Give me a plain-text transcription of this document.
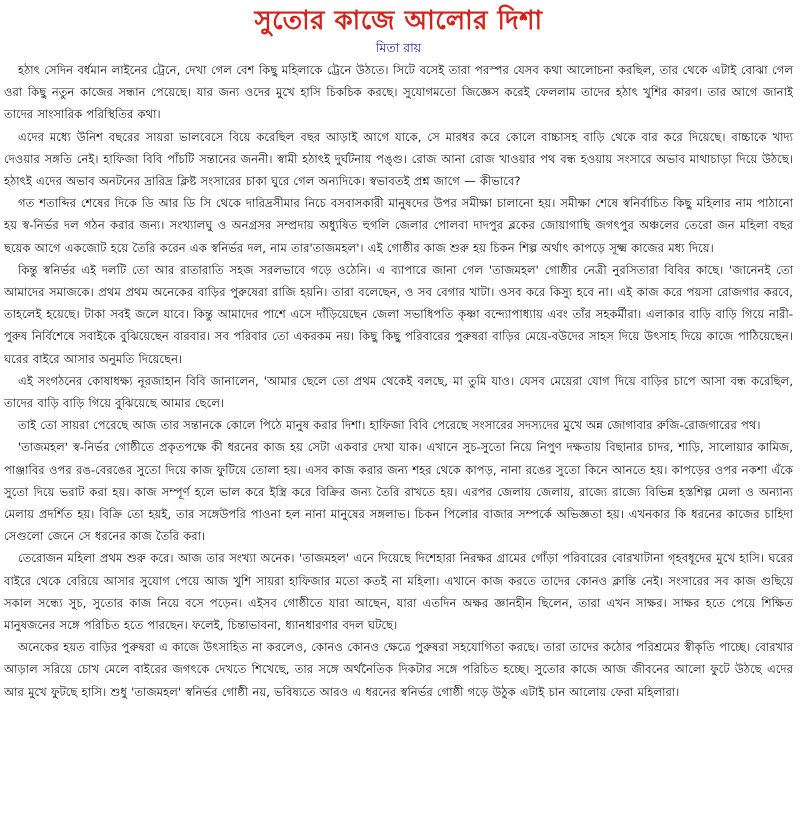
সুতোর কাজে আলোর দিশা
মিতা রায়

হঠাৎ সেদিন বর্ধমান লাইনের ট্রেনে, দেখা গেল বেশ কিছু মহিলাকে ট্রেনে উঠতে। সিটে বসেই তারা পরস্পর যেসব কথা আলোচনা করছিল, তার থেকে এটাই বোঝা গেল ওরা কিছু নতুন কাজের সন্ধান পেয়েছে। যার জন্য ওদের মুখে হাসি চিকচিক করছে। সুযোগমতো জিজ্ঞেস করেই ফেললাম তাদের হঠাৎ খুশির কারণ। তার আগে জানাই তাদের সাংসারিক পরিস্থিতির কথা।

এদের মধ্যে উনিশ বছরের সায়রা ভালবেসে বিয়ে করেছিল বছর আড়াই আগে যাকে, সে মারধর করে কোলে বাচ্চাসহ বাড়ি থেকে বার করে দিয়েছে। বাচ্চাকে খাদ্য দেওয়ার সঙ্গতি নেই। হাফিজা বিবি পাঁচটি সন্তানের জননী। স্বামী হঠাৎই দুর্ঘটনায় পঙ্গু। রোজ আনা রোজ খাওয়ার পথ বন্ধ হওয়ায় সংসারে অভাব মাথাচাড়া দিয়ে উঠছে। হঠাৎই এদের অভাব অনটনের দ্রারিদ্র ক্লিষ্ট সংসারের চাকা ঘুরে গেল অন্যদিকে। স্বভাবতই প্রশ্ন জাগে — কীভাবে?

গত শতাব্দির শেষের দিকে ডি আর ডি সি থেকে দারিদ্রসীমার নিচে বসবাসকারী মানুষদের উপর সমীক্ষা চালানো হয়। সমীক্ষা শেষে স্বনির্বাচিত কিছু মহিলার নাম পাঠানো হয় স্ব-নির্ভর দল গঠন করার জন্য। সংখ্যালঘু ও অনগ্রসর সম্প্রদায় অধ্যুষিত হুগলি জেলার পোলবা দাদপুর ব্লকের জোয়াগাছি জগৎপুর অঞ্চলের তেরো জন মহিলা বছর ছয়েক আগে একজোট হয়ে তৈরি করেন এক স্বনির্ভর দল, নাম তার'তাজমহল'। এই গোষ্ঠীর কাজ শুরু হয় চিকন শিল্প অর্থাৎ কাপড়ে সূক্ষ্ম কাজের মধ্য দিয়ে।

কিন্তু স্বনির্ভর এই দলটি তো আর রাতারাতি সহজ সরলভাবে গড়ে ওঠেনি। এ ব্যাপারে জানা গেল 'তাজমহল' গোষ্ঠীর নেত্রী নুরসিতারা বিবির কাছে। 'জানেনই তো আমাদের সমাজকে। প্রথম প্রথম অনেকের বাড়ির পুরুষেরা রাজি হয়নি। তারা বলেছেন, ও সব বেগার খাটা। ওসব করে কিস্যু হবে না। এই কাজ করে পয়সা রোজগার করবে, তাহলেই হয়েছে। টাকা সবই জলে যাবে। কিন্তু আমাদের পাশে এসে দাঁড়িয়েছেন জেলা সভাধিপতি কৃষ্ণা বন্দ্যোপাধ্যায় এবং তাঁর সহকর্মীরা। এলাকার বাড়ি বাড়ি গিয়ে নারী-পুরুষ নির্বিশেষে সবাইকে বুঝিয়েছেন বারবার। সব পরিবার তো একরকম নয়। কিছু কিছু পরিবারের পুরুষরা বাড়ির মেয়ে-বউদের সাহস দিয়ে উৎসাহ দিয়ে কাজে পাঠিয়েছেন। ঘরের বাইরে আসার অনুমতি দিয়েছেন।

এই সংগঠনের কোষাধক্ষ্য নূরজাহান বিবি জানালেন, 'আমার ছেলে তো প্রথম থেকেই বলছে, মা তুমি যাও। যেসব মেয়েরা যোগ দিয়ে বাড়ির চাপে আসা বন্ধ করেছিল, তাদের বাড়ি বাড়ি গিয়ে বুঝিয়েছে আমার ছেলে।

তাই তো সায়রা পেরেছে আজ তার সন্তানকে কোলে পিঠে মানুষ করার দিশা। হাফিজা বিবি পেরেছে সংসারের সদস্যদের মুখে অন্ন জোগাবার রুজি-রোজগারের পথ।

'তাজমহল' স্ব-নির্ভর গোষ্ঠীতে প্রকৃতপক্ষে কী ধরনের কাজ হয় সেটা একবার দেখা যাক। এখানে সুচ-সুতো নিয়ে নিপুণ দক্ষতায় বিছানার চাদর, শাড়ি, সালোয়ার কামিজ, পাঞ্জাবির ওপর রঙ-বেরঙের সুতো দিয়ে কাজ ফুটিয়ে তোলা হয়। এসব কাজ করার জন্য শহর থেকে কাপড়, নানা রঙের সুতো কিনে আনতে হয়। কাপড়ের ওপর নকশা এঁকে সুতো দিয়ে ভরাট করা হয়। কাজ সম্পূর্ণ হলে ভাল করে ইস্ত্রি করে বিক্রির জন্য তৈরি রাখতে হয়। এরপর জেলায় জেলায়, রাজ্যে রাজ্যে বিভিন্ন হস্তশিল্প মেলা ও অন্যান্য মেলায় প্রদর্শিত হয়। বিক্রি তো হয়ই, তার সঙ্গেউপরি পাওনা হল নানা মানুষের সঙ্গলাভ। চিকন পিলোর বাজার সম্পর্কে অভিজ্ঞতা হয়। এখনকার কি ধরনের কাজের চাহিদা সেগুলো জেনে সে ধরনের কাজ তৈরি করা।

তেরোজন মহিলা প্রথম শুরু করে। আজ তার সংখ্যা অনেক। 'তাজমহল' এনে দিয়েছে দিশেহারা নিরক্ষর গ্রামের গোঁড়া পরিবারের বোরখাটানা গৃহবধূদের মুখে হাসি। ঘরের বাইরে থেকে বেরিয়ে আসার সুযোগ পেয়ে আজ খুশি সায়রা হাফিজার মতো কতই না মহিলা। এখানে কাজ করতে তাদের কোনও ক্লান্তি নেই। সংসারের সব কাজ গুছিয়ে সকাল সন্ধ্যে সুচ, সুতোর কাজ নিয়ে বসে পড়েন। এইসব গোষ্ঠীতে যারা আছেন, যারা এতদিন অক্ষর জ্ঞানহীন ছিলেন, তারা এখন সাক্ষর। সাক্ষর হতে পেয়ে শিক্ষিত মানুষজনের সঙ্গে পরিচিত হতে পারছেন। ফলেই, চিন্তাভাবনা, ধ্যানধারণার বদল ঘটছে।

অনেকের হয়ত বাড়ির পুরুষরা এ কাজে উৎসাহিত না করলেও, কোনও কোনও ক্ষেত্রে পুরুষরা সহযোগিতা করছে। তারা তাদের কঠোর পরিশ্রমের স্বীকৃতি পাচ্ছে। বোরখার আড়াল সরিয়ে চোখ মেলে বাইরের জগৎকে দেখতে শিখেছে, তার সঙ্গে অর্থনৈতিক দিকটার সঙ্গে পরিচিত হচ্ছে। সুতোর কাজে আজ জীবনের আলো ফুটে উঠছে এদের আর মুখে ফুটছে হাসি। শুধু 'তাজমহল' স্বনির্ভর গোষ্ঠী নয়, ভবিষ্যতে আরও এ ধরনের স্বনির্ভর গোষ্ঠী গড়ে উঠুক এটাই চান আলোয় ফেরা মহিলারা।
